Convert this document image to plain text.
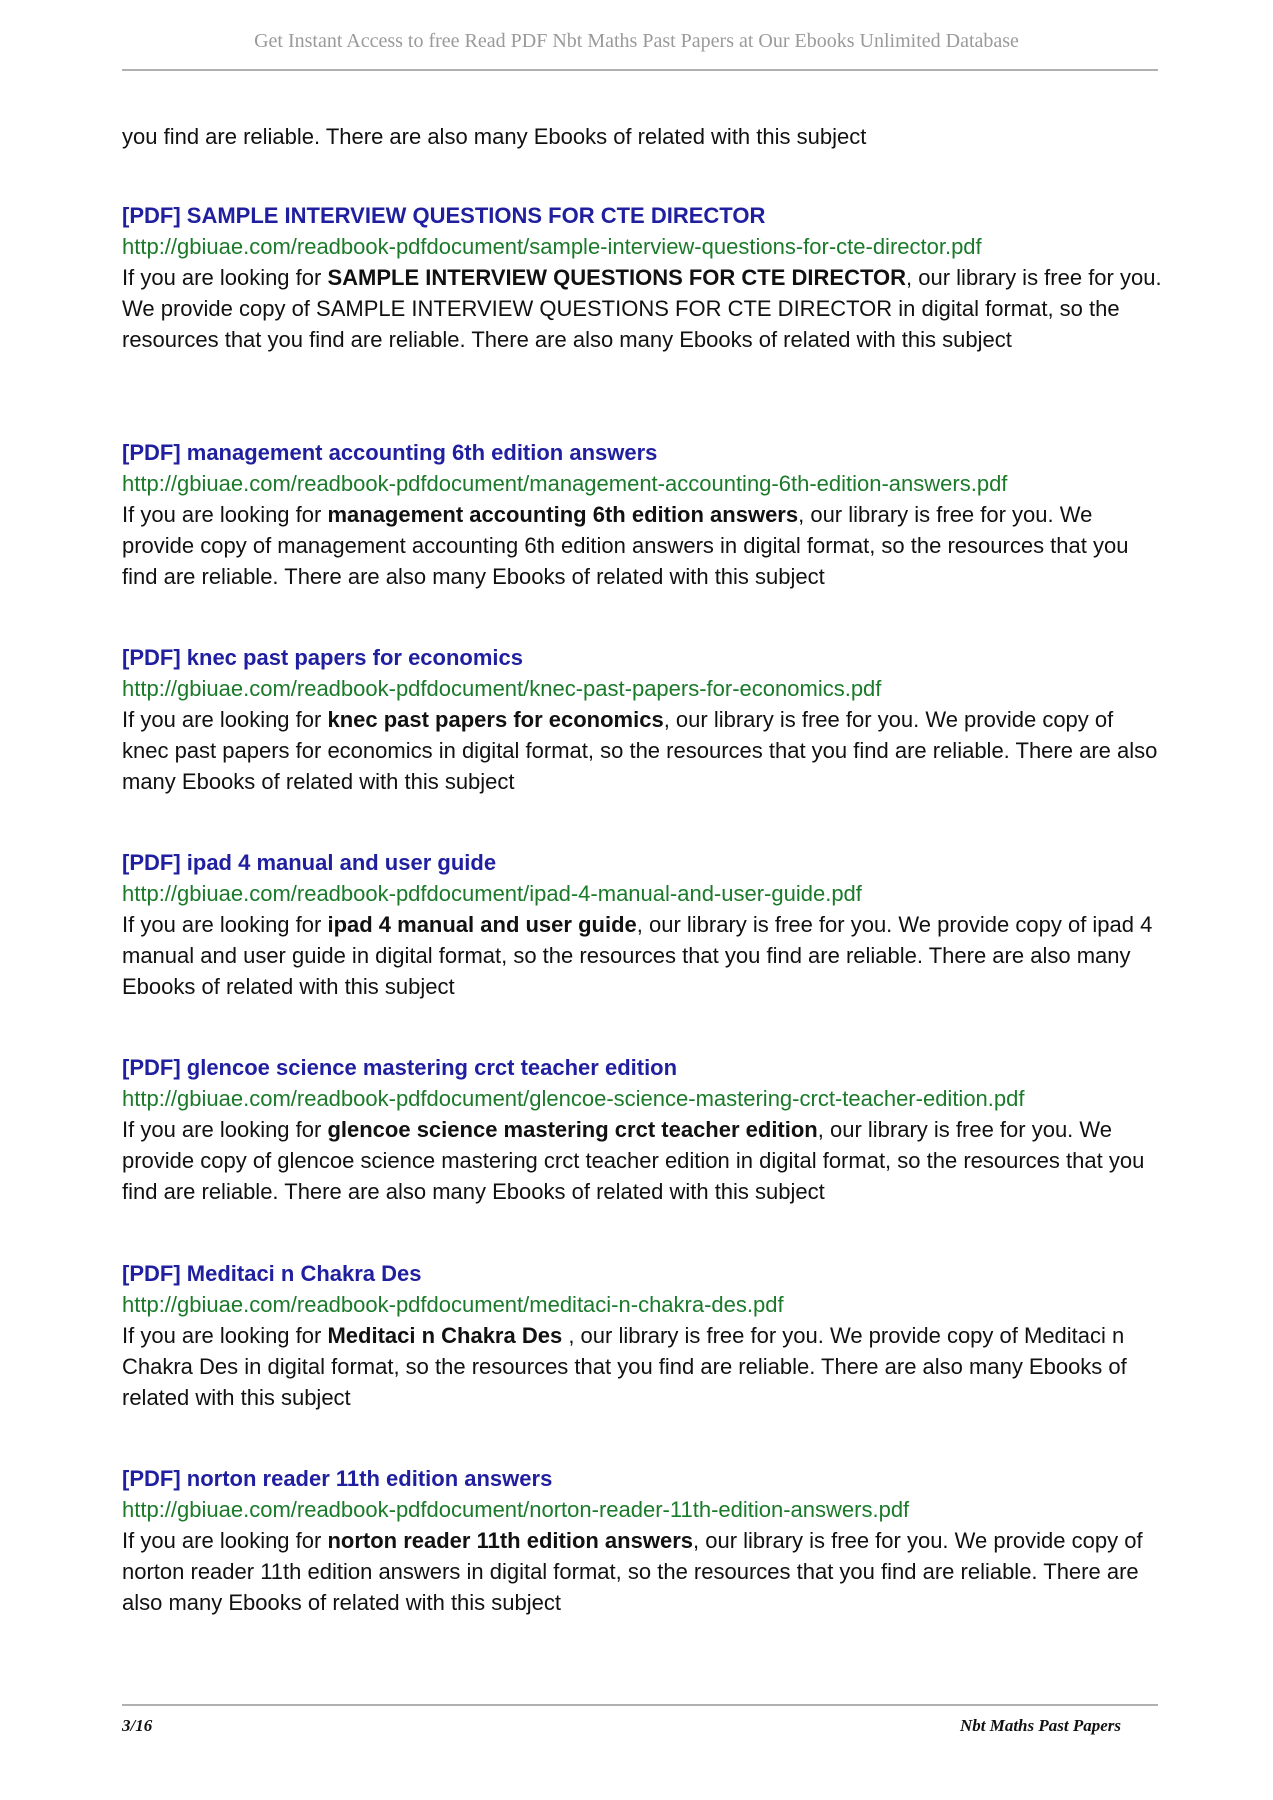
Get Instant Access to free Read PDF Nbt Maths Past Papers at Our Ebooks Unlimited Database
you find are reliable. There are also many Ebooks of related with this subject
[PDF] SAMPLE INTERVIEW QUESTIONS FOR CTE DIRECTOR
http://gbiuae.com/readbook-pdfdocument/sample-interview-questions-for-cte-director.pdf
If you are looking for SAMPLE INTERVIEW QUESTIONS FOR CTE DIRECTOR, our library is free for you. We provide copy of SAMPLE INTERVIEW QUESTIONS FOR CTE DIRECTOR in digital format, so the resources that you find are reliable. There are also many Ebooks of related with this subject
[PDF] management accounting 6th edition answers
http://gbiuae.com/readbook-pdfdocument/management-accounting-6th-edition-answers.pdf
If you are looking for management accounting 6th edition answers, our library is free for you. We provide copy of management accounting 6th edition answers in digital format, so the resources that you find are reliable. There are also many Ebooks of related with this subject
[PDF] knec past papers for economics
http://gbiuae.com/readbook-pdfdocument/knec-past-papers-for-economics.pdf
If you are looking for knec past papers for economics, our library is free for you. We provide copy of knec past papers for economics in digital format, so the resources that you find are reliable. There are also many Ebooks of related with this subject
[PDF] ipad 4 manual and user guide
http://gbiuae.com/readbook-pdfdocument/ipad-4-manual-and-user-guide.pdf
If you are looking for ipad 4 manual and user guide, our library is free for you. We provide copy of ipad 4 manual and user guide in digital format, so the resources that you find are reliable. There are also many Ebooks of related with this subject
[PDF] glencoe science mastering crct teacher edition
http://gbiuae.com/readbook-pdfdocument/glencoe-science-mastering-crct-teacher-edition.pdf
If you are looking for glencoe science mastering crct teacher edition, our library is free for you. We provide copy of glencoe science mastering crct teacher edition in digital format, so the resources that you find are reliable. There are also many Ebooks of related with this subject
[PDF] Meditaci n Chakra Des
http://gbiuae.com/readbook-pdfdocument/meditaci-n-chakra-des.pdf
If you are looking for Meditaci n Chakra Des , our library is free for you. We provide copy of Meditaci n Chakra Des in digital format, so the resources that you find are reliable. There are also many Ebooks of related with this subject
[PDF] norton reader 11th edition answers
http://gbiuae.com/readbook-pdfdocument/norton-reader-11th-edition-answers.pdf
If you are looking for norton reader 11th edition answers, our library is free for you. We provide copy of norton reader 11th edition answers in digital format, so the resources that you find are reliable. There are also many Ebooks of related with this subject
3/16	Nbt Maths Past Papers
